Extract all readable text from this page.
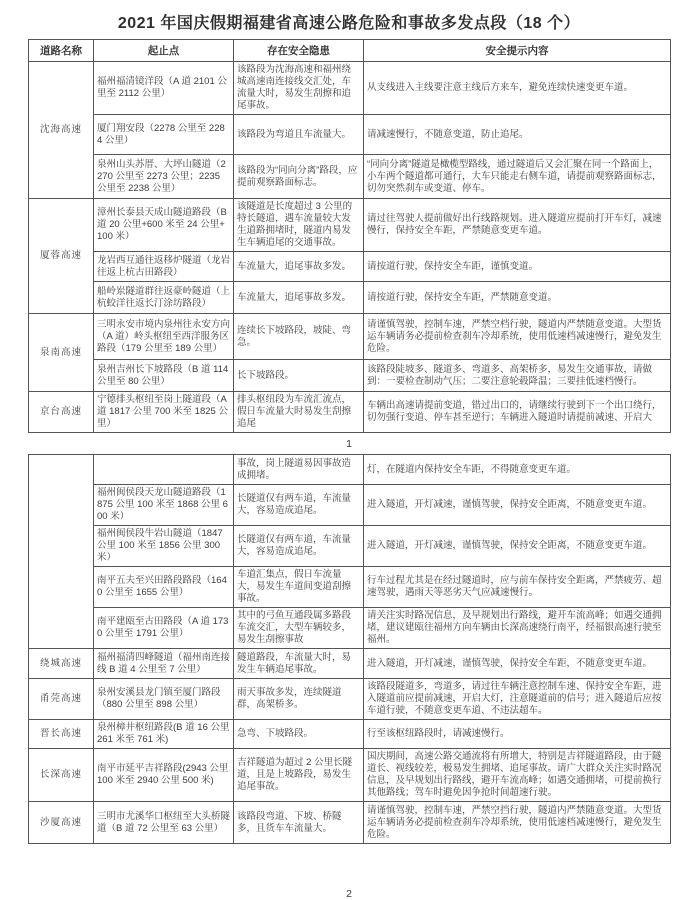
2021 年国庆假期福建省高速公路危险和事故多发点段（18 个）
道路名称	起止点	存在安全隐患	安全提示内容
沈海高速	福州福清镜洋段（A 道 2101 公里至 2112 公里）	该路段为沈海高速和福州绕城高速南连接线交汇处，车流量大时，易发生刮擦和追尾事故。	从支线进入主线要注意主线后方来车，避免连续快速变更车道。
	厦门翔安段（2278 公里至 2284 公里）	该路段为弯道且车流量大。	请减速慢行，不随意变道，防止追尾。
	泉州山头苏厝、大坪山隧道（2270 公里至 2273 公里；2235 公里至 2238 公里）	该路段为“同向分离”路段，应提前观察路面标志。	“同向分离”隧道是橄榄型路线，通过隧道后又会汇聚在同一个路面上，小车两个隧道都可通行，大车只能走右侧车道，请提前观察路面标志，切勿突然刹车或变道、停车。
厦蓉高速	漳州长泰县天成山隧道路段（B 道 20 公里+600 米至 24 公里+100 米）	该隧道是长度超过 3 公里的特长隧道，遇车流量较大发生道路拥堵时，隧道内易发生车辆追尾的交通事故。	请过往驾驶人提前做好出行线路规划。进入隧道应提前打开车灯，减速慢行，保持安全车距，严禁随意变更车道。
	龙岩西互通往返移炉隧道（龙岩往返上杭古田路段）	车流量大，追尾事故多发。	请按道行驶，保持安全车距，谨慎变道。
	船岭岽隧道群往返豪岭隧道（上杭蛟洋往返长汀涂坊路段）	车流量大，追尾事故多发。	请按道行驶，保持安全车距，严禁随意变道。
泉南高速	三明永安市境内泉州往永安方向（A 道）岭头枢纽至西洋服务区路段（179 公里至 189 公里）	连续长下坡路段，坡陡、弯急。	请谨慎驾驶，控制车速，严禁空档行驶，隧道内严禁随意变道。大型货运车辆请务必提前检查刹车冷却系统，使用低速档减速慢行，避免发生危险。
	泉州吉州长下坡路段（B 道 114 公里至 80 公里）	长下坡路段。	该路段陡坡多、隧道多、弯道多、高架桥多，易发生交通事故，请做到：一要检查制动气压；二要注意轮毂降温；三要挂低速档慢行。
京台高速	宁德排头枢纽至岗上隧道段（A 道 1817 公里 700 米至 1825 公里）	排头枢纽段为车流汇流点，假日车流量大时易发生刮擦追尾	车辆出高速请提前变道，错过出口的，请继续行驶到下一个出口绕行，切勿强行变道、停车甚至逆行；车辆进入隧道时请提前减速、开启大
1
		事故，岗上隧道易因事故造成拥堵。	灯，在隧道内保持安全车距，不得随意变更车道。
	福州闽侯段天龙山隧道路段（1875 公里 100 米至 1868 公里 600 米）	长隧道仅有两车道，车流量大，容易造成追尾。	进入隧道，开灯减速，谨慎驾驶，保持安全距离，不随意变更车道。
	福州闽侯段牛岩山隧道（1847 公里 100 米至 1856 公里 300 米）	长隧道仅有两车道，车流量大，容易造成追尾。	进入隧道，开灯减速，谨慎驾驶，保持安全距离，不随意变更车道。
	南平五夫至兴田路段路段（1640 公里至 1655 公里）	车道汇集点，假日车流量大，易发生车道间变道刮擦事故。	行车过程尤其是在经过隧道时，应与前车保持安全距离，严禁疲劳、超速驾驶，遇雨天等恶劣天气应减速慢行。
	南平建瓯至古田路段（A 道 1730 公里至 1791 公里）	其中的弓鱼互通段属多路段车流交汇，大型车辆较多，易发生刮擦事故	请关注实时路况信息，及早规划出行路线，避开车流高峰；如遇交通拥堵，建议建瓯往福州方向车辆由长深高速绕行南平，经福银高速行驶至福州。
绕城高速	福州福清四峰隧道（福州南连接线 B 道 4 公里至 7 公里）	隧道路段，车流量大时，易发生车辆追尾事故。	进入隧道，开灯减速，谨慎驾驶，保持安全车距，不随意变更车道。
甬莞高速	泉州安溪县龙门镇至厦门路段（880 公里至 898 公里）	雨天事故多发，连续隧道群，高架桥多。	该路段隧道多，弯道多，请过往车辆注意控制车速、保持安全车距，进入隧道前应提前减速，开启大灯，注意隧道前的信号；进入隧道后应按车道行驶，不随意变更车道、不违法超车。
晋长高速	泉州樟井枢纽路段(B 道 16 公里 261 米至 761 米)	急弯、下坡路段。	行至该枢纽路段时，请减速慢行。
长深高速	南平市延平吉祥路段(2943 公里 100 米至 2940 公里 500 米)	吉祥隧道为超过 2 公里长隧道，且是上坡路段，易发生追尾事故。	国庆期间，高速公路交通流将有所增大，特别是吉祥隧道路段，由于隧道长、视线较差，极易发生拥堵、追尾事故。请广大群众关注实时路况信息，及早规划出行路线，避开车流高峰；如遇交通拥堵，可提前换行其他路线；驾车时避免因争抢时间超速行驶。
沙厦高速	三明市尤溪华口枢纽至大头桥隧道（B 道 72 公里至 63 公里）	该路段弯道、下坡、桥隧多，且货车车流量大。	请谨慎驾驶，控制车速，严禁空挡行驶，隧道内严禁随意变道。大型货运车辆请务必提前检查刹车冷却系统，使用低速档减速慢行，避免发生危险。
2
